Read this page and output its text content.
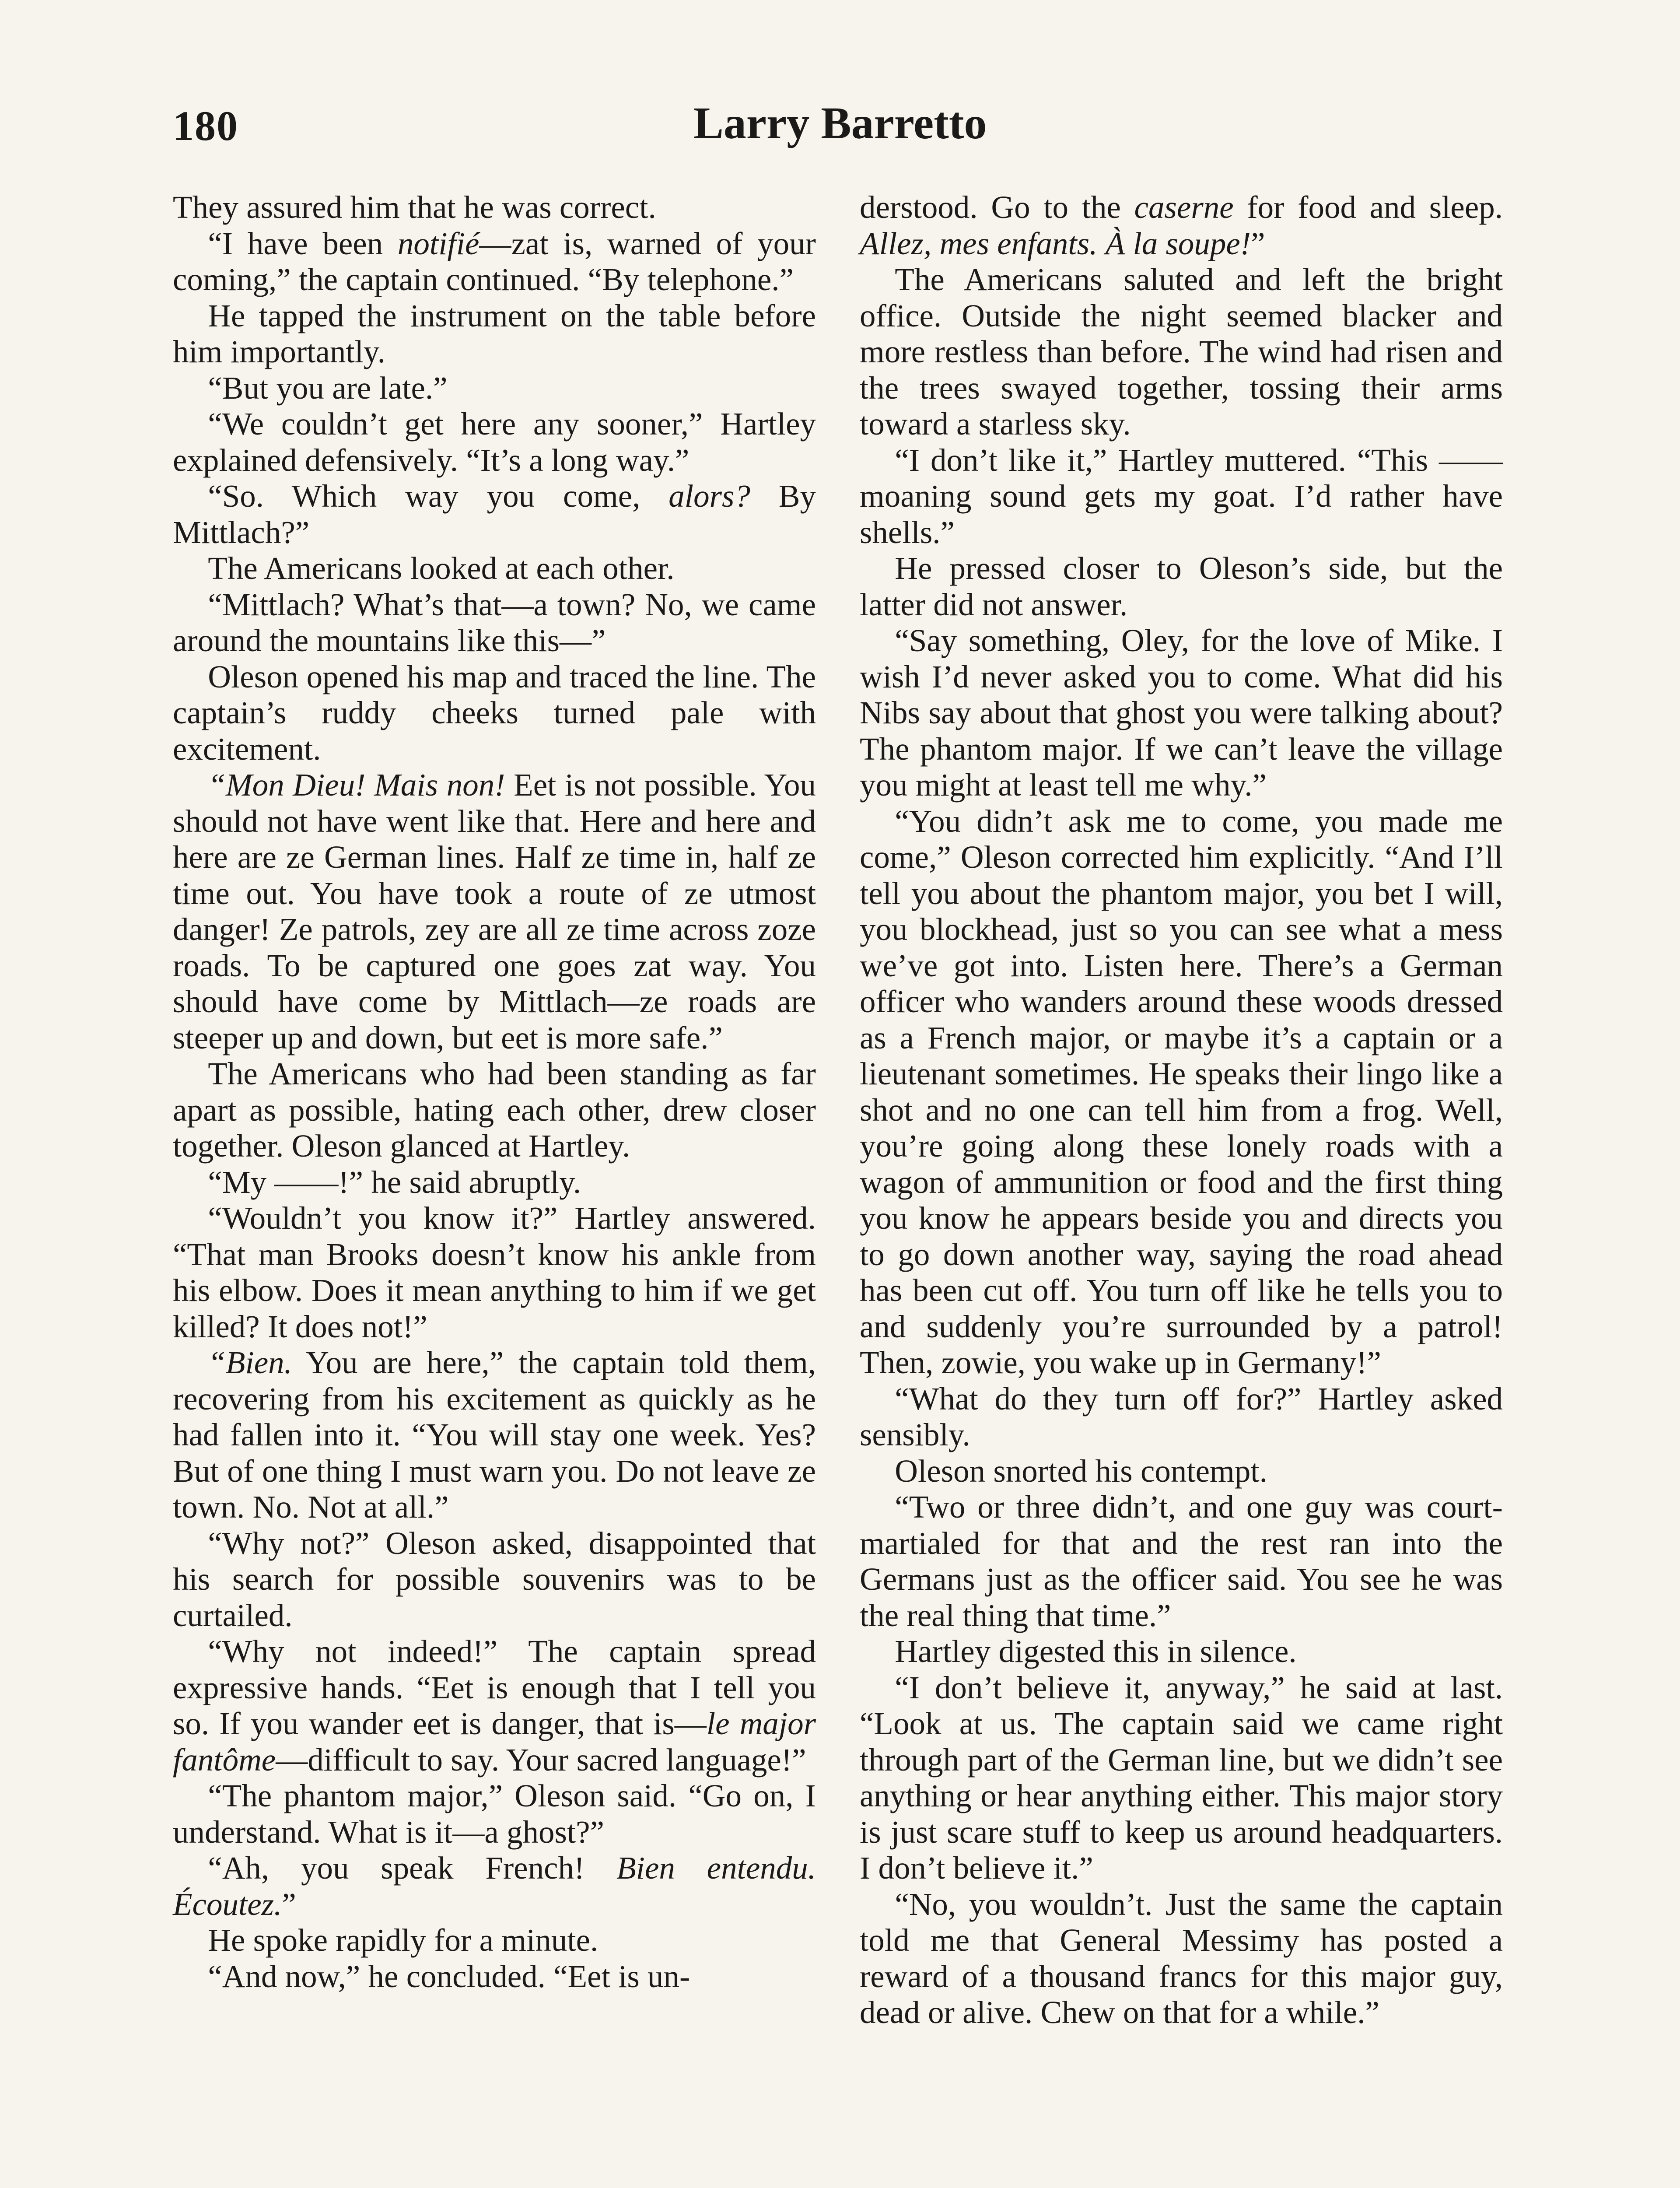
180	Larry Barretto

They assured him that he was correct.

“I have been notifié—zat is, warned of your coming,” the captain continued. “By telephone.”

He tapped the instrument on the table before him importantly.

“But you are late.”

“We couldn’t get here any sooner,” Hartley explained defensively. “It’s a long way.”

“So. Which way you come, alors? By Mittlach?”

The Americans looked at each other.

“Mittlach? What’s that—a town? No, we came around the mountains like this—”

Oleson opened his map and traced the line. The captain’s ruddy cheeks turned pale with excitement.

“Mon Dieu! Mais non! Eet is not possible. You should not have went like that. Here and here and here are ze German lines. Half ze time in, half ze time out. You have took a route of ze utmost danger! Ze patrols, zey are all ze time across zoze roads. To be captured one goes zat way. You should have come by Mittlach—ze roads are steeper up and down, but eet is more safe.”

The Americans who had been standing as far apart as possible, hating each other, drew closer together. Oleson glanced at Hartley.

“My ——!” he said abruptly.

“Wouldn’t you know it?” Hartley answered. “That man Brooks doesn’t know his ankle from his elbow. Does it mean anything to him if we get killed? It does not!”

“Bien. You are here,” the captain told them, recovering from his excitement as quickly as he had fallen into it. “You will stay one week. Yes? But of one thing I must warn you. Do not leave ze town. No. Not at all.”

“Why not?” Oleson asked, disappointed that his search for possible souvenirs was to be curtailed.

“Why not indeed!” The captain spread expressive hands. “Eet is enough that I tell you so. If you wander eet is danger, that is—le major fantôme—difficult to say. Your sacred language!”

“The phantom major,” Oleson said. “Go on, I understand. What is it—a ghost?”

“Ah, you speak French! Bien entendu. Écoutez.”

He spoke rapidly for a minute.

“And now,” he concluded. “Eet is un-

derstood. Go to the caserne for food and sleep. Allez, mes enfants. À la soupe!”

The Americans saluted and left the bright office. Outside the night seemed blacker and more restless than before. The wind had risen and the trees swayed together, tossing their arms toward a starless sky.

“I don’t like it,” Hartley muttered. “This —— moaning sound gets my goat. I’d rather have shells.”

He pressed closer to Oleson’s side, but the latter did not answer.

“Say something, Oley, for the love of Mike. I wish I’d never asked you to come. What did his Nibs say about that ghost you were talking about? The phantom major. If we can’t leave the village you might at least tell me why.”

“You didn’t ask me to come, you made me come,” Oleson corrected him explicitly. “And I’ll tell you about the phantom major, you bet I will, you blockhead, just so you can see what a mess we’ve got into. Listen here. There’s a German officer who wanders around these woods dressed as a French major, or maybe it’s a captain or a lieutenant sometimes. He speaks their lingo like a shot and no one can tell him from a frog. Well, you’re going along these lonely roads with a wagon of ammunition or food and the first thing you know he appears beside you and directs you to go down another way, saying the road ahead has been cut off. You turn off like he tells you to and suddenly you’re surrounded by a patrol! Then, zowie, you wake up in Germany!”

“What do they turn off for?” Hartley asked sensibly.

Oleson snorted his contempt.

“Two or three didn’t, and one guy was court-martialed for that and the rest ran into the Germans just as the officer said. You see he was the real thing that time.”

Hartley digested this in silence.

“I don’t believe it, anyway,” he said at last. “Look at us. The captain said we came right through part of the German line, but we didn’t see anything or hear anything either. This major story is just scare stuff to keep us around headquarters. I don’t believe it.”

“No, you wouldn’t. Just the same the captain told me that General Messimy has posted a reward of a thousand francs for this major guy, dead or alive. Chew on that for a while.”
